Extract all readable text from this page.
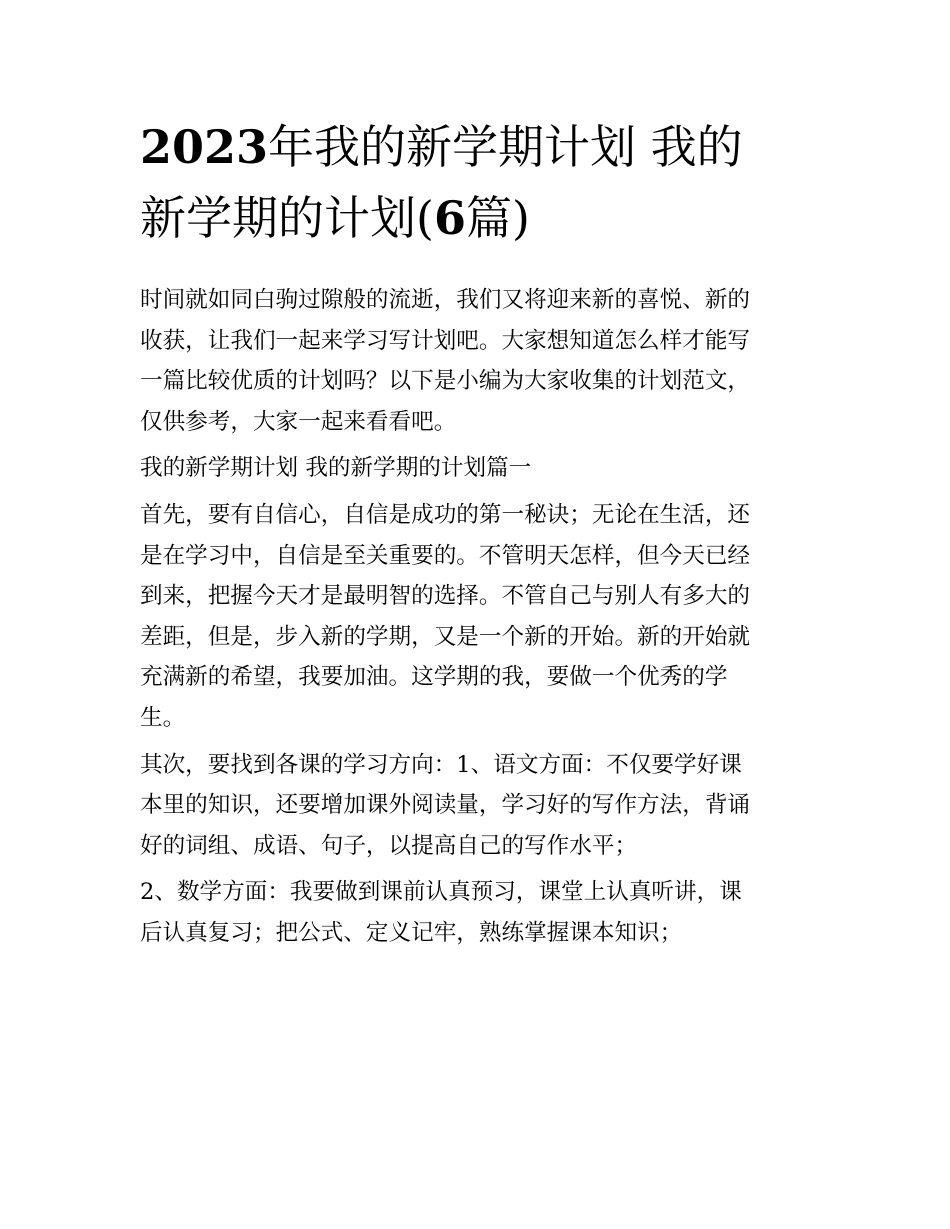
2023年我的新学期计划 我的
新学期的计划(6篇)

时间就如同白驹过隙般的流逝，我们又将迎来新的喜悦、新的
收获，让我们一起来学习写计划吧。大家想知道怎么样才能写
一篇比较优质的计划吗？以下是小编为大家收集的计划范文，
仅供参考，大家一起来看看吧。

我的新学期计划 我的新学期的计划篇一

首先，要有自信心，自信是成功的第一秘诀；无论在生活，还
是在学习中，自信是至关重要的。不管明天怎样，但今天已经
到来，把握今天才是最明智的选择。不管自己与别人有多大的
差距，但是，步入新的学期，又是一个新的开始。新的开始就
充满新的希望，我要加油。这学期的我，要做一个优秀的学
生。

其次，要找到各课的学习方向：1、语文方面：不仅要学好课
本里的知识，还要增加课外阅读量，学习好的写作方法，背诵
好的词组、成语、句子，以提高自己的写作水平；

2、数学方面：我要做到课前认真预习，课堂上认真听讲，课
后认真复习；把公式、定义记牢，熟练掌握课本知识；
